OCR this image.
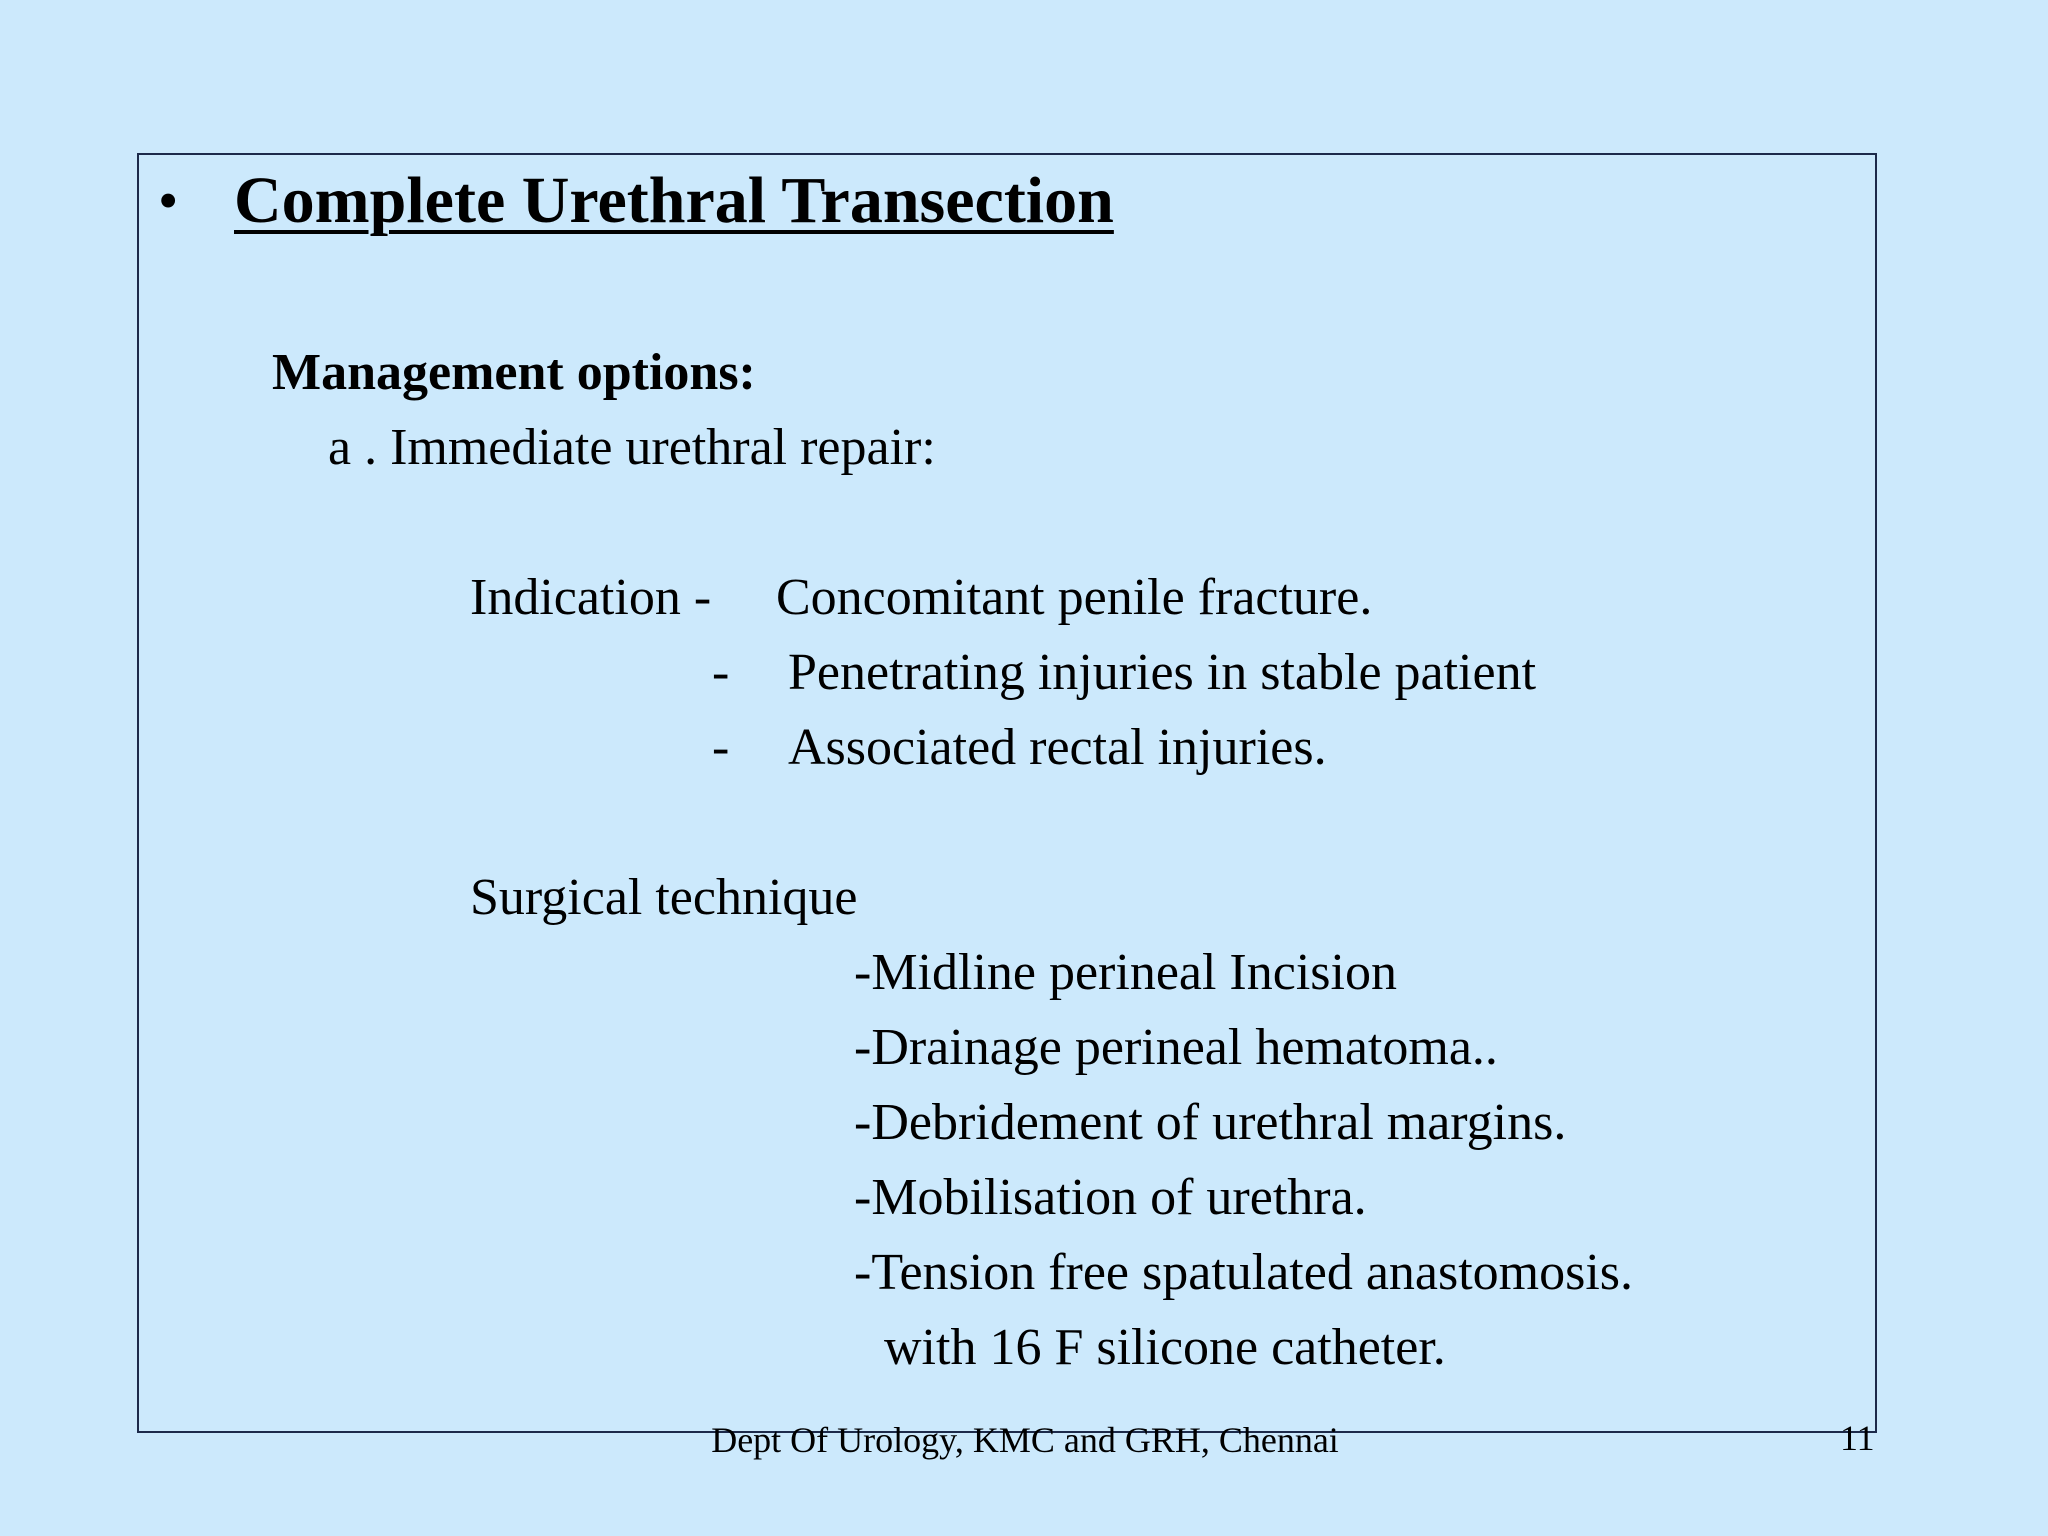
• Complete Urethral Transection
Management options:
a . Immediate urethral repair:
Indication - Concomitant penile fracture.
- Penetrating injuries in stable patient
- Associated rectal injuries.
Surgical technique
-Midline perineal Incision
-Drainage perineal hematoma..
-Debridement of urethral margins.
-Mobilisation of urethra.
-Tension free spatulated anastomosis.
with 16 F silicone catheter.
Dept Of Urology, KMC and GRH, Chennai	11
